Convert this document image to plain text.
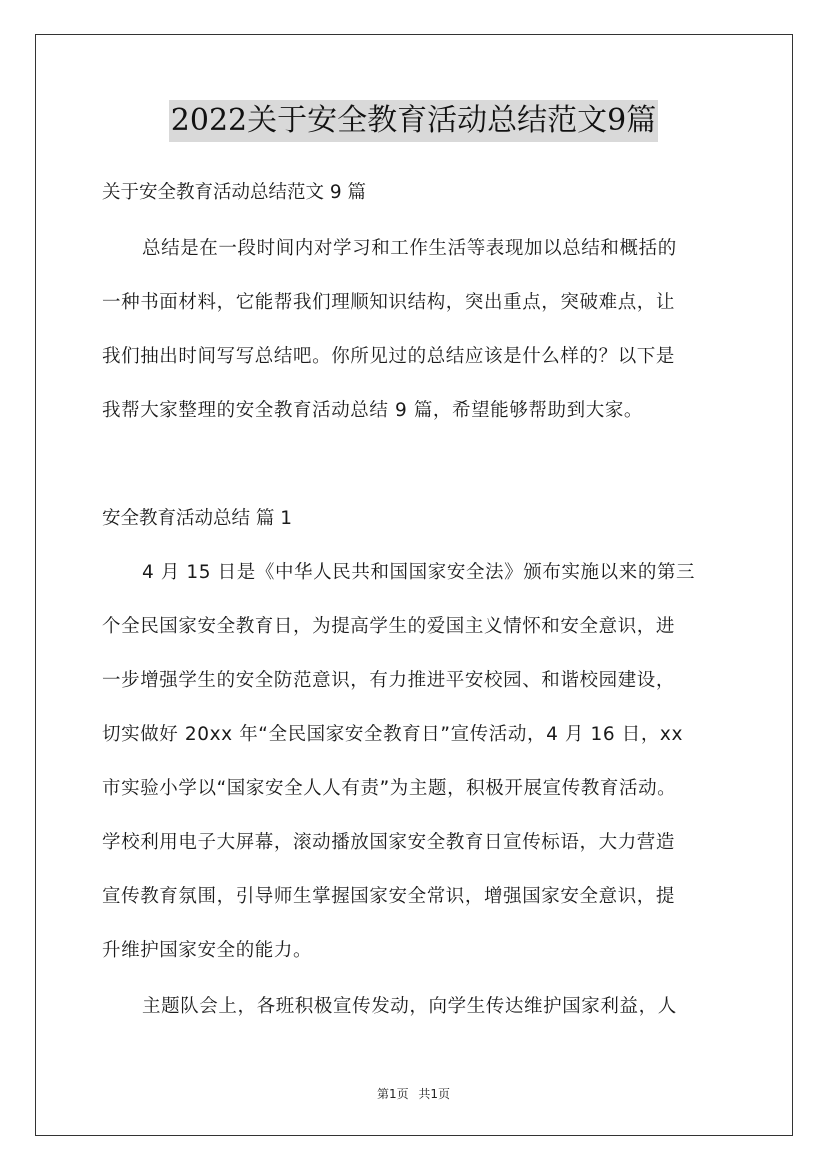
2022关于安全教育活动总结范文9篇
关于安全教育活动总结范文 9 篇
总结是在一段时间内对学习和工作生活等表现加以总结和概括的
一种书面材料，它能帮我们理顺知识结构，突出重点，突破难点，让
我们抽出时间写写总结吧。你所见过的总结应该是什么样的？以下是
我帮大家整理的安全教育活动总结 9 篇，希望能够帮助到大家。
安全教育活动总结 篇 1
4 月 15 日是《中华人民共和国国家安全法》颁布实施以来的第三
个全民国家安全教育日，为提高学生的爱国主义情怀和安全意识，进
一步增强学生的安全防范意识，有力推进平安校园、和谐校园建设，
切实做好 20xx 年“全民国家安全教育日”宣传活动，4 月 16 日，xx
市实验小学以“国家安全人人有责”为主题，积极开展宣传教育活动。
学校利用电子大屏幕，滚动播放国家安全教育日宣传标语，大力营造
宣传教育氛围，引导师生掌握国家安全常识，增强国家安全意识，提
升维护国家安全的能力。
主题队会上，各班积极宣传发动，向学生传达维护国家利益，人
第1页 共1页
